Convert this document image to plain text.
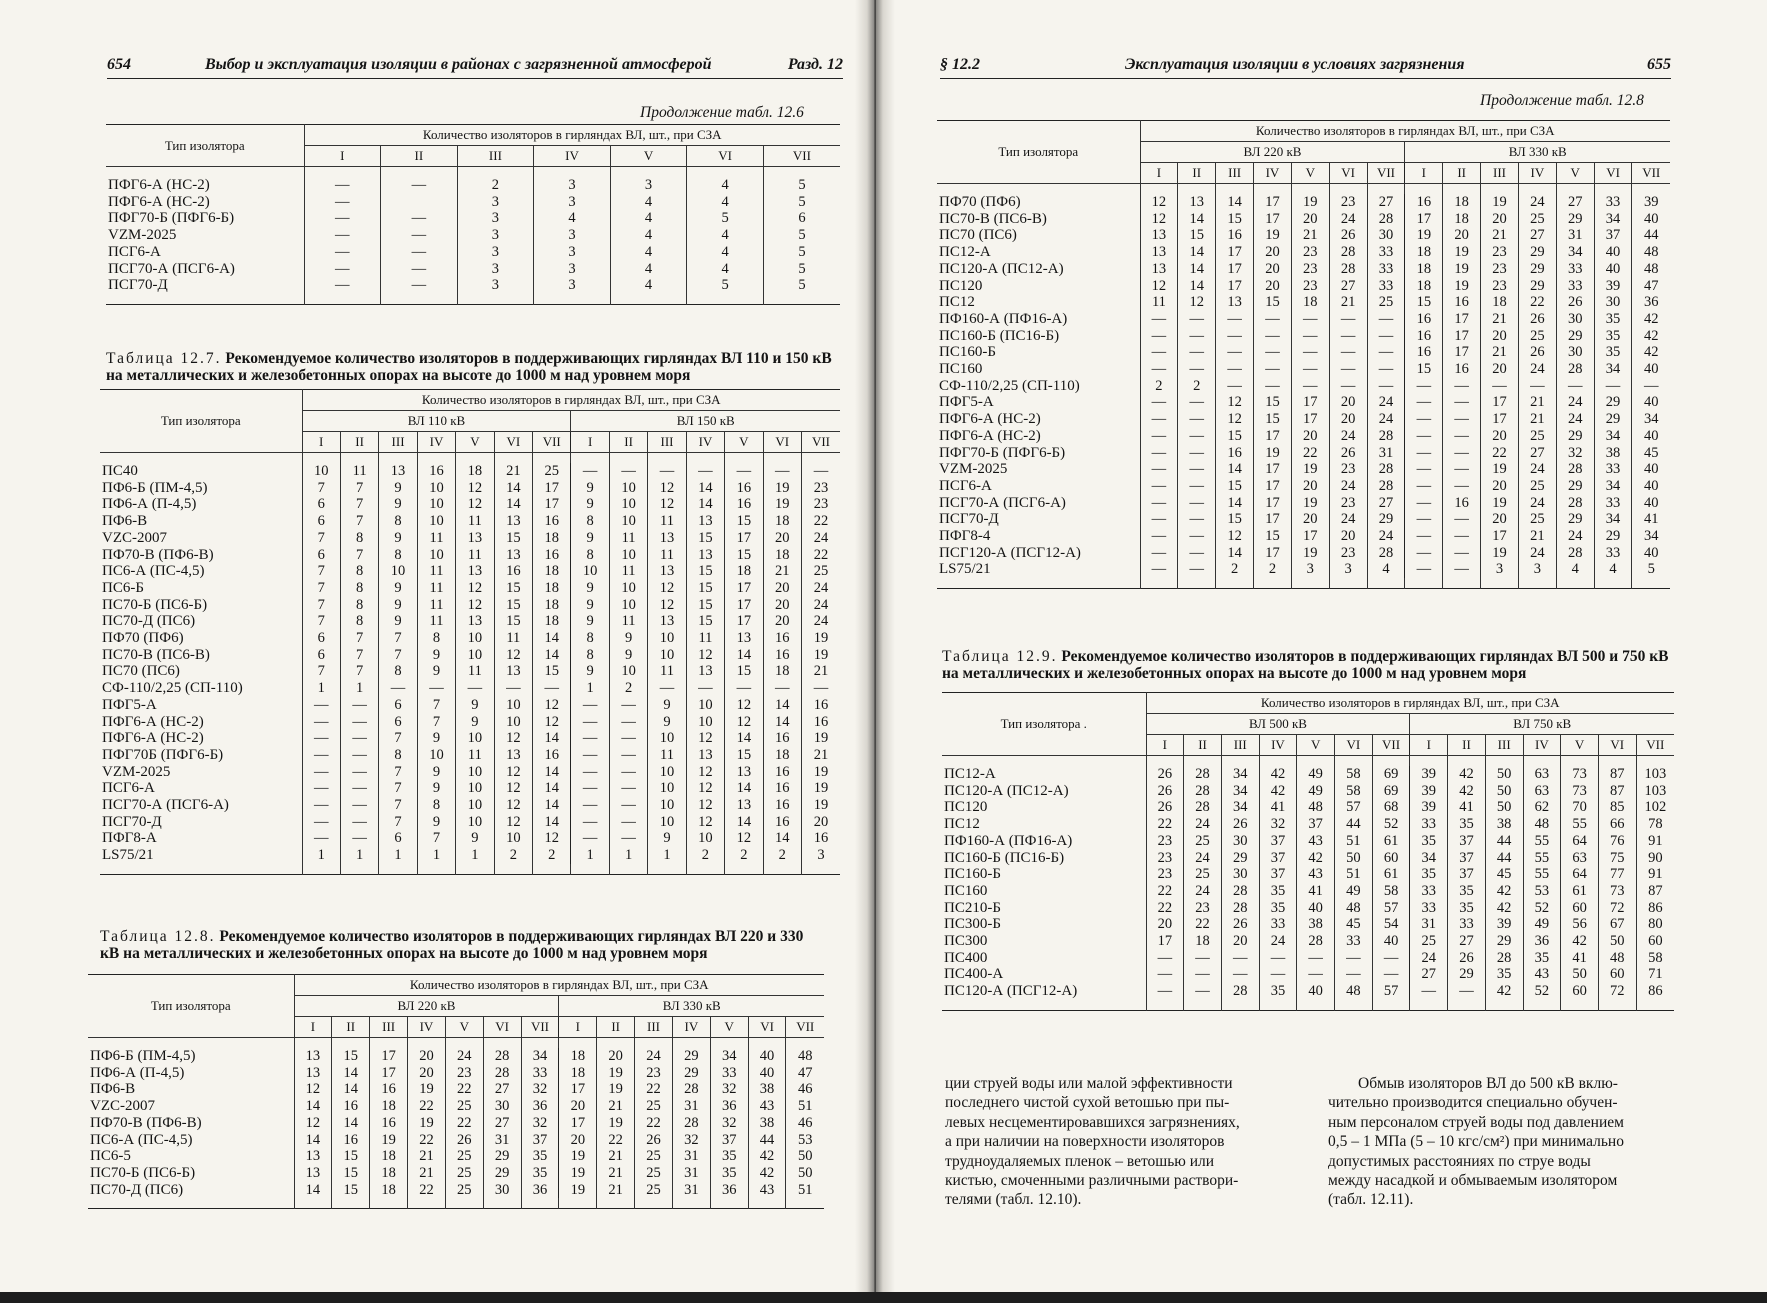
654	Выбор и эксплуатация изоляции в районах с загрязненной атмосферой	Разд. 12
Продолжение табл. 12.6
Тип изолятора	Количество изоляторов в гирляндах ВЛ, шт., при СЗА						
	I	II	III	IV	V	VI	VII

ПФГ6-А (НС-2)	—	—	2	3	3	4	5
ПФГ6-А (НС-2)	—		3	3	4	4	5
ПФГ70-Б (ПФГ6-Б)	—	—	3	4	4	5	6
VZM-2025	—	—	3	3	4	4	5
ПСГ6-А	—	—	3	3	4	4	5
ПСГ70-А (ПСГ6-А)	—	—	3	3	4	4	5
ПСГ70-Д	—	—	3	3	4	5	5

Таблица 12.7. Рекомендуемое количество изоляторов в поддерживающих гирляндах ВЛ 110 и 150 кВ на металлических и железобетонных опорах на высоте до 1000 м над уровнем моря
Тип изолятора	Количество изоляторов в гирляндах ВЛ, шт., при СЗА													
	ВЛ 110 кВ							ВЛ 150 кВ						
	I	II	III	IV	V	VI	VII	I	II	III	IV	V	VI	VII

ПС40	10	11	13	16	18	21	25	—	—	—	—	—	—	—
ПФ6-Б (ПМ-4,5)	7	7	9	10	12	14	17	9	10	12	14	16	19	23
ПФ6-А (П-4,5)	6	7	9	10	12	14	17	9	10	12	14	16	19	23
ПФ6-В	6	7	8	10	11	13	16	8	10	11	13	15	18	22
VZC-2007	7	8	9	11	13	15	18	9	11	13	15	17	20	24
ПФ70-В (ПФ6-В)	6	7	8	10	11	13	16	8	10	11	13	15	18	22
ПС6-А (ПС-4,5)	7	8	10	11	13	16	18	10	11	13	15	18	21	25
ПС6-Б	7	8	9	11	12	15	18	9	10	12	15	17	20	24
ПС70-Б (ПС6-Б)	7	8	9	11	12	15	18	9	10	12	15	17	20	24
ПС70-Д (ПС6)	7	8	9	11	13	15	18	9	11	13	15	17	20	24
ПФ70 (ПФ6)	6	7	7	8	10	11	14	8	9	10	11	13	16	19
ПС70-В (ПС6-В)	6	7	7	9	10	12	14	8	9	10	12	14	16	19
ПС70 (ПС6)	7	7	8	9	11	13	15	9	10	11	13	15	18	21
СФ-110/2,25 (СП-110)	1	1	—	—	—	—	—	1	2	—	—	—	—	—
ПФГ5-А	—	—	6	7	9	10	12	—	—	9	10	12	14	16
ПФГ6-А (НС-2)	—	—	6	7	9	10	12	—	—	9	10	12	14	16
ПФГ6-А (НС-2)	—	—	7	9	10	12	14	—	—	10	12	14	16	19
ПФГ70Б (ПФГ6-Б)	—	—	8	10	11	13	16	—	—	11	13	15	18	21
VZM-2025	—	—	7	9	10	12	14	—	—	10	12	13	16	19
ПСГ6-А	—	—	7	9	10	12	14	—	—	10	12	14	16	19
ПСГ70-А (ПСГ6-А)	—	—	7	8	10	12	14	—	—	10	12	13	16	19
ПСГ70-Д	—	—	7	9	10	12	14	—	—	10	12	14	16	20
ПФГ8-А	—	—	6	7	9	10	12	—	—	9	10	12	14	16
LS75/21	1	1	1	1	1	2	2	1	1	1	2	2	2	3

Таблица 12.8. Рекомендуемое количество изоляторов в поддерживающих гирляндах ВЛ 220 и 330 кВ на металлических и железобетонных опорах на высоте до 1000 м над уровнем моря
Тип изолятора	Количество изоляторов в гирляндах ВЛ, шт., при СЗА													
	ВЛ 220 кВ							ВЛ 330 кВ						
	I	II	III	IV	V	VI	VII	I	II	III	IV	V	VI	VII

ПФ6-Б (ПМ-4,5)	13	15	17	20	24	28	34	18	20	24	29	34	40	48
ПФ6-А (П-4,5)	13	14	17	20	23	28	33	18	19	23	29	33	40	47
ПФ6-В	12	14	16	19	22	27	32	17	19	22	28	32	38	46
VZC-2007	14	16	18	22	25	30	36	20	21	25	31	36	43	51
ПФ70-В (ПФ6-В)	12	14	16	19	22	27	32	17	19	22	28	32	38	46
ПС6-А (ПС-4,5)	14	16	19	22	26	31	37	20	22	26	32	37	44	53
ПС6-5	13	15	18	21	25	29	35	19	21	25	31	35	42	50
ПС70-Б (ПС6-Б)	13	15	18	21	25	29	35	19	21	25	31	35	42	50
ПС70-Д (ПС6)	14	15	18	22	25	30	36	19	21	25	31	36	43	51

§ 12.2	Эксплуатация изоляции в условиях загрязнения	655
Продолжение табл. 12.8
Тип изолятора	Количество изоляторов в гирляндах ВЛ, шт., при СЗА													
	ВЛ 220 кВ							ВЛ 330 кВ						
	I	II	III	IV	V	VI	VII	I	II	III	IV	V	VI	VII

ПФ70 (ПФ6)	12	13	14	17	19	23	27	16	18	19	24	27	33	39
ПС70-В (ПС6-В)	12	14	15	17	20	24	28	17	18	20	25	29	34	40
ПС70 (ПС6)	13	15	16	19	21	26	30	19	20	21	27	31	37	44
ПС12-А	13	14	17	20	23	28	33	18	19	23	29	34	40	48
ПС120-А (ПС12-А)	13	14	17	20	23	28	33	18	19	23	29	33	40	48
ПС120	12	14	17	20	23	27	33	18	19	23	29	33	39	47
ПС12	11	12	13	15	18	21	25	15	16	18	22	26	30	36
ПФ160-А (ПФ16-А)	—	—	—	—	—	—	—	16	17	21	26	30	35	42
ПС160-Б (ПС16-Б)	—	—	—	—	—	—	—	16	17	20	25	29	35	42
ПС160-Б	—	—	—	—	—	—	—	16	17	21	26	30	35	42
ПС160	—	—	—	—	—	—	—	15	16	20	24	28	34	40
СФ-110/2,25 (СП-110)	2	2	—	—	—	—	—	—	—	—	—	—	—	—
ПФГ5-А	—	—	12	15	17	20	24	—	—	17	21	24	29	40
ПФГ6-А (НС-2)	—	—	12	15	17	20	24	—	—	17	21	24	29	34
ПФГ6-А (НС-2)	—	—	15	17	20	24	28	—	—	20	25	29	34	40
ПФГ70-Б (ПФГ6-Б)	—	—	16	19	22	26	31	—	—	22	27	32	38	45
VZM-2025	—	—	14	17	19	23	28	—	—	19	24	28	33	40
ПСГ6-А	—	—	15	17	20	24	28	—	—	20	25	29	34	40
ПСГ70-А (ПСГ6-А)	—	—	14	17	19	23	27	—	16	19	24	28	33	40
ПСГ70-Д	—	—	15	17	20	24	29	—	—	20	25	29	34	41
ПФГ8-4	—	—	12	15	17	20	24	—	—	17	21	24	29	34
ПСГ120-А (ПСГ12-А)	—	—	14	17	19	23	28	—	—	19	24	28	33	40
LS75/21	—	—	2	2	3	3	4	—	—	3	3	4	4	5

Таблица 12.9. Рекомендуемое количество изоляторов в поддерживающих гирляндах ВЛ 500 и 750 кВ на металлических и железобетонных опорах на высоте до 1000 м над уровнем моря
Тип изолятора .	Количество изоляторов в гирляндах ВЛ, шт., при СЗА													
	ВЛ 500 кВ							ВЛ 750 кВ						
	I	II	III	IV	V	VI	VII	I	II	III	IV	V	VI	VII

ПС12-А	26	28	34	42	49	58	69	39	42	50	63	73	87	103
ПС120-А (ПС12-А)	26	28	34	42	49	58	69	39	42	50	63	73	87	103
ПС120	26	28	34	41	48	57	68	39	41	50	62	70	85	102
ПС12	22	24	26	32	37	44	52	33	35	38	48	55	66	78
ПФ160-А (ПФ16-А)	23	25	30	37	43	51	61	35	37	44	55	64	76	91
ПС160-Б (ПС16-Б)	23	24	29	37	42	50	60	34	37	44	55	63	75	90
ПС160-Б	23	25	30	37	43	51	61	35	37	45	55	64	77	91
ПС160	22	24	28	35	41	49	58	33	35	42	53	61	73	87
ПС210-Б	22	23	28	35	40	48	57	33	35	42	52	60	72	86
ПС300-Б	20	22	26	33	38	45	54	31	33	39	49	56	67	80
ПС300	17	18	20	24	28	33	40	25	27	29	36	42	50	60
ПС400	—	—	—	—	—	—	—	24	26	28	35	41	48	58
ПС400-А	—	—	—	—	—	—	—	27	29	35	43	50	60	71
ПС120-А (ПСГ12-А)	—	—	28	35	40	48	57	—	—	42	52	60	72	86

ции струей воды или малой эффективности
последнего чистой сухой ветошью при пы-
левых несцементировавшихся загрязнениях,
а при наличии на поверхности изоляторов
трудноудаляемых пленок – ветошью или
кистью, смоченными различными раствори-
телями (табл. 12.10).
Обмыв изоляторов ВЛ до 500 кВ вклю-
чительно производится специально обучен-
ным персоналом струей воды под давлением
0,5 – 1 МПа (5 – 10 кгс/см²) при минимально
допустимых расстояниях по струе воды
между насадкой и обмываемым изолятором
(табл. 12.11).
